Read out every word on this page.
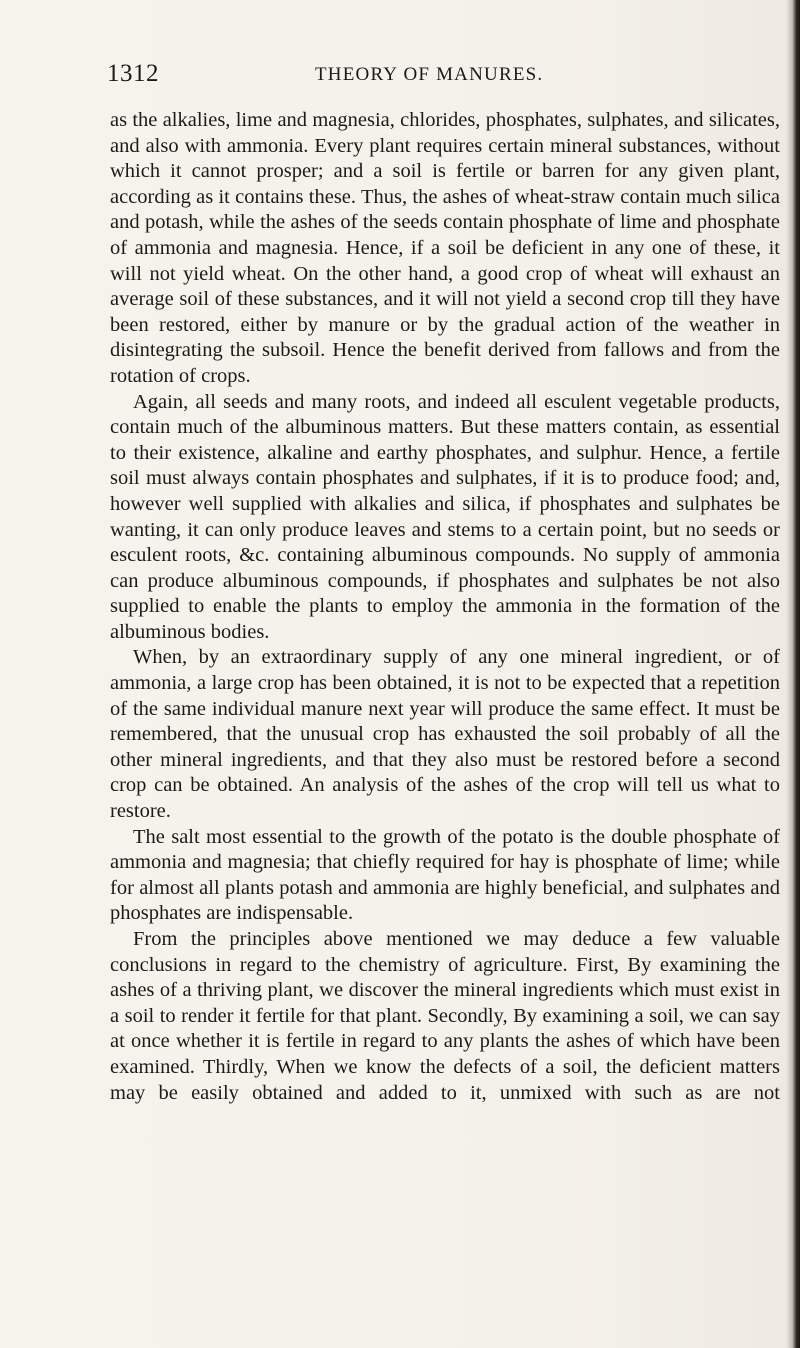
1312	THEORY OF MANURES.

as the alkalies, lime and magnesia, chlorides, phosphates, sulphates, and silicates, and also with ammonia. Every plant requires certain mineral substances, without which it cannot prosper; and a soil is fertile or barren for any given plant, according as it contains these. Thus, the ashes of wheat-straw contain much silica and potash, while the ashes of the seeds contain phosphate of lime and phosphate of ammonia and magnesia. Hence, if a soil be deficient in any one of these, it will not yield wheat. On the other hand, a good crop of wheat will exhaust an average soil of these substances, and it will not yield a second crop till they have been restored, either by manure or by the gradual action of the weather in disintegrating the subsoil. Hence the benefit derived from fallows and from the rotation of crops.

Again, all seeds and many roots, and indeed all esculent vegetable products, contain much of the albuminous matters. But these matters contain, as essential to their existence, alkaline and earthy phosphates, and sulphur. Hence, a fertile soil must always contain phosphates and sulphates, if it is to produce food; and, however well supplied with alkalies and silica, if phosphates and sulphates be wanting, it can only produce leaves and stems to a certain point, but no seeds or esculent roots, &c. containing albuminous compounds. No supply of ammonia can produce albuminous compounds, if phosphates and sulphates be not also supplied to enable the plants to employ the ammonia in the formation of the albuminous bodies.

When, by an extraordinary supply of any one mineral ingredient, or of ammonia, a large crop has been obtained, it is not to be expected that a repetition of the same individual manure next year will produce the same effect. It must be remembered, that the unusual crop has exhausted the soil probably of all the other mineral ingredients, and that they also must be restored before a second crop can be obtained. An analysis of the ashes of the crop will tell us what to restore.

The salt most essential to the growth of the potato is the double phosphate of ammonia and magnesia; that chiefly required for hay is phosphate of lime; while for almost all plants potash and ammonia are highly beneficial, and sulphates and phosphates are indispensable.

From the principles above mentioned we may deduce a few valuable conclusions in regard to the chemistry of agriculture. First, By examining the ashes of a thriving plant, we discover the mineral ingredients which must exist in a soil to render it fertile for that plant. Secondly, By examining a soil, we can say at once whether it is fertile in regard to any plants the ashes of which have been examined. Thirdly, When we know the defects of a soil, the deficient matters may be easily obtained and added to it, unmixed with such as are not
